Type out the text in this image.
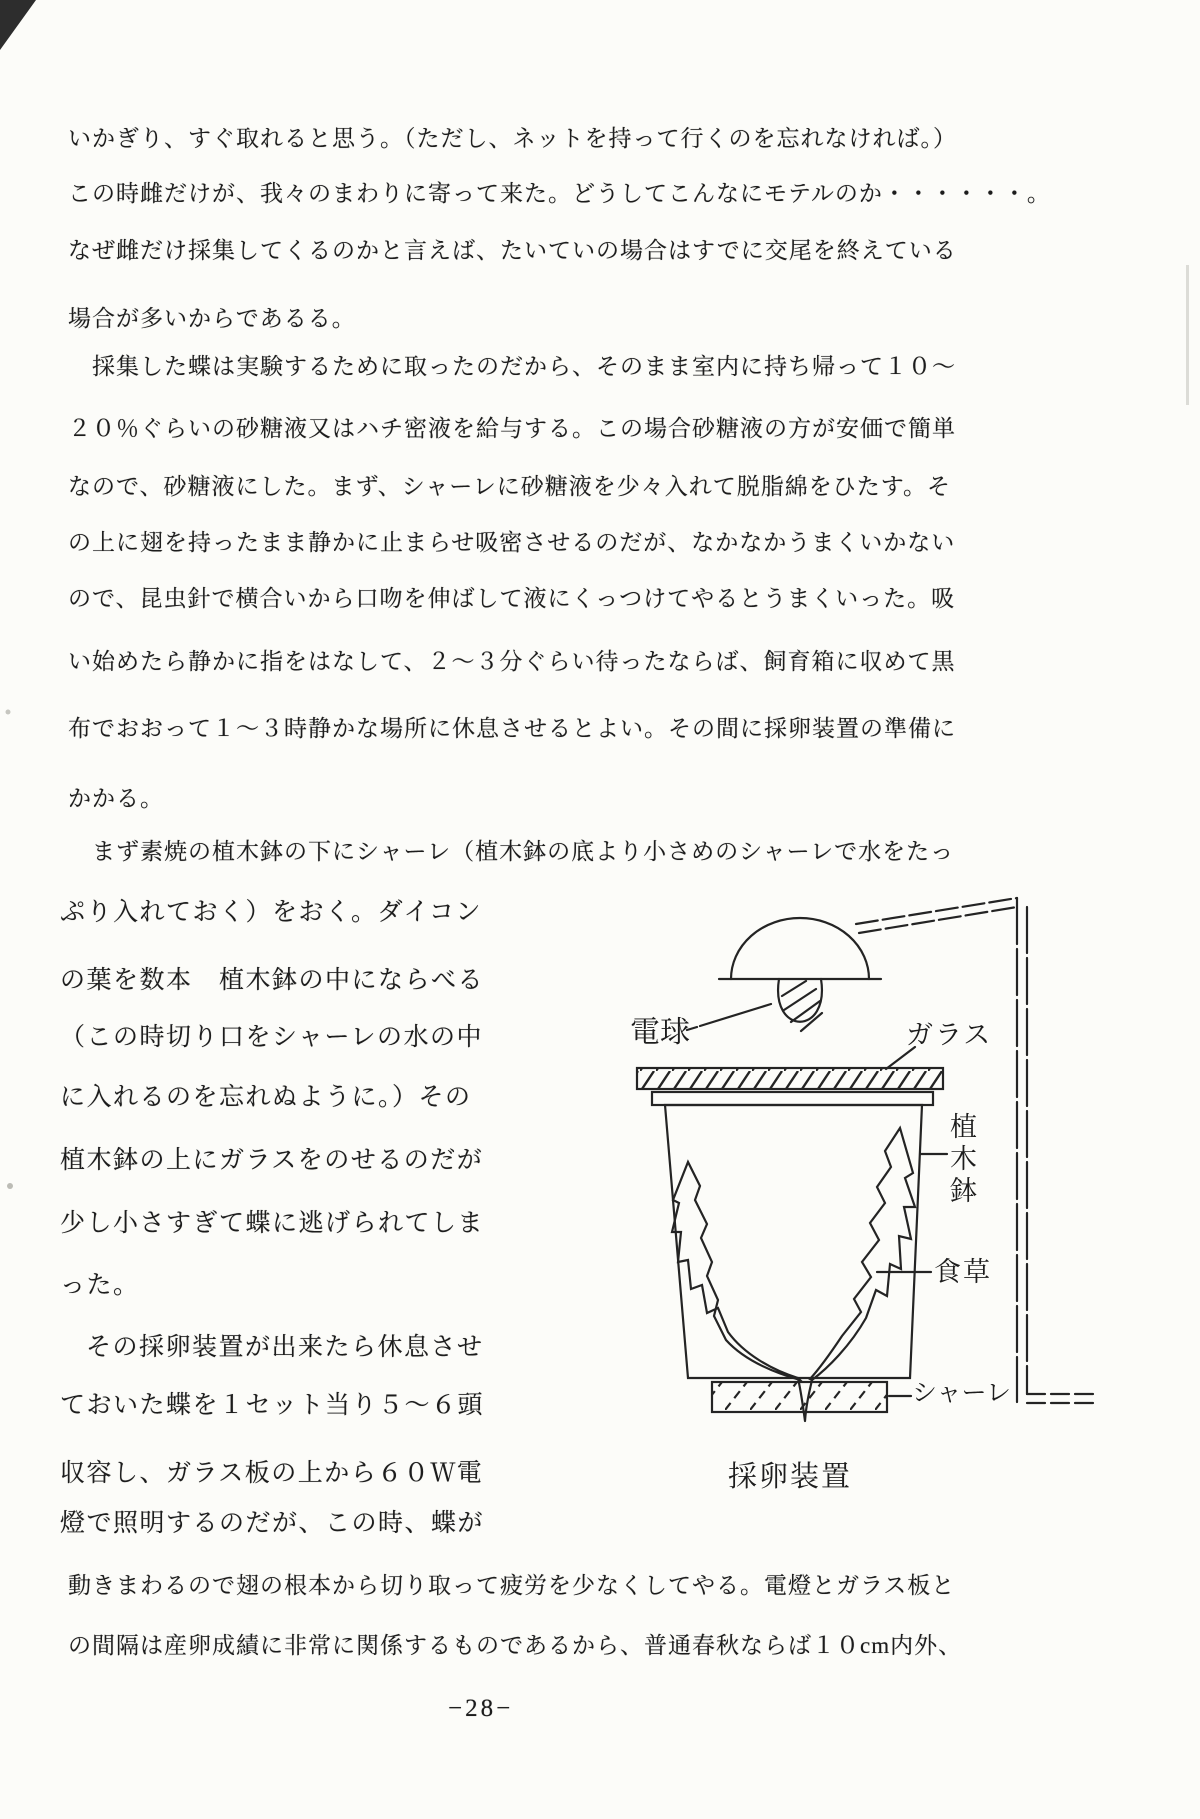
いかぎり、すぐ取れると思う。（ただし、ネットを持って行くのを忘れなければ。）
この時雌だけが、我々のまわりに寄って来た。どうしてこんなにモテルのか・・・・・・。
なぜ雌だけ採集してくるのかと言えば、たいていの場合はすでに交尾を終えている
場合が多いからであるる。
採集した蝶は実験するために取ったのだから、そのまま室内に持ち帰って１０～
２０％ぐらいの砂糖液又はハチ密液を給与する。この場合砂糖液の方が安価で簡単
なので、砂糖液にした。まず、シャーレに砂糖液を少々入れて脱脂綿をひたす。そ
の上に翅を持ったまま静かに止まらせ吸密させるのだが、なかなかうまくいかない
ので、昆虫針で横合いから口吻を伸ばして液にくっつけてやるとうまくいった。吸
い始めたら静かに指をはなして、２～３分ぐらい待ったならば、飼育箱に収めて黒
布でおおって１～３時静かな場所に休息させるとよい。その間に採卵装置の準備に
かかる。
まず素焼の植木鉢の下にシャーレ（植木鉢の底より小さめのシャーレで水をたっ
ぷり入れておく）をおく。ダイコン
の葉を数本　植木鉢の中にならべる
（この時切り口をシャーレの水の中
に入れるのを忘れぬように。）その
植木鉢の上にガラスをのせるのだが
少し小さすぎて蝶に逃げられてしま
った。
その採卵装置が出来たら休息させ
ておいた蝶を１セット当り５～６頭
収容し、ガラス板の上から６０Ｗ電
燈で照明するのだが、この時、蝶が
動きまわるので翅の根本から切り取って疲労を少なくしてやる。電燈とガラス板と
の間隔は産卵成績に非常に関係するものであるから、普通春秋ならば１０cm内外、
−28−
電球	ガラス
植
木
鉢
食草
シャーレ
採卵装置
